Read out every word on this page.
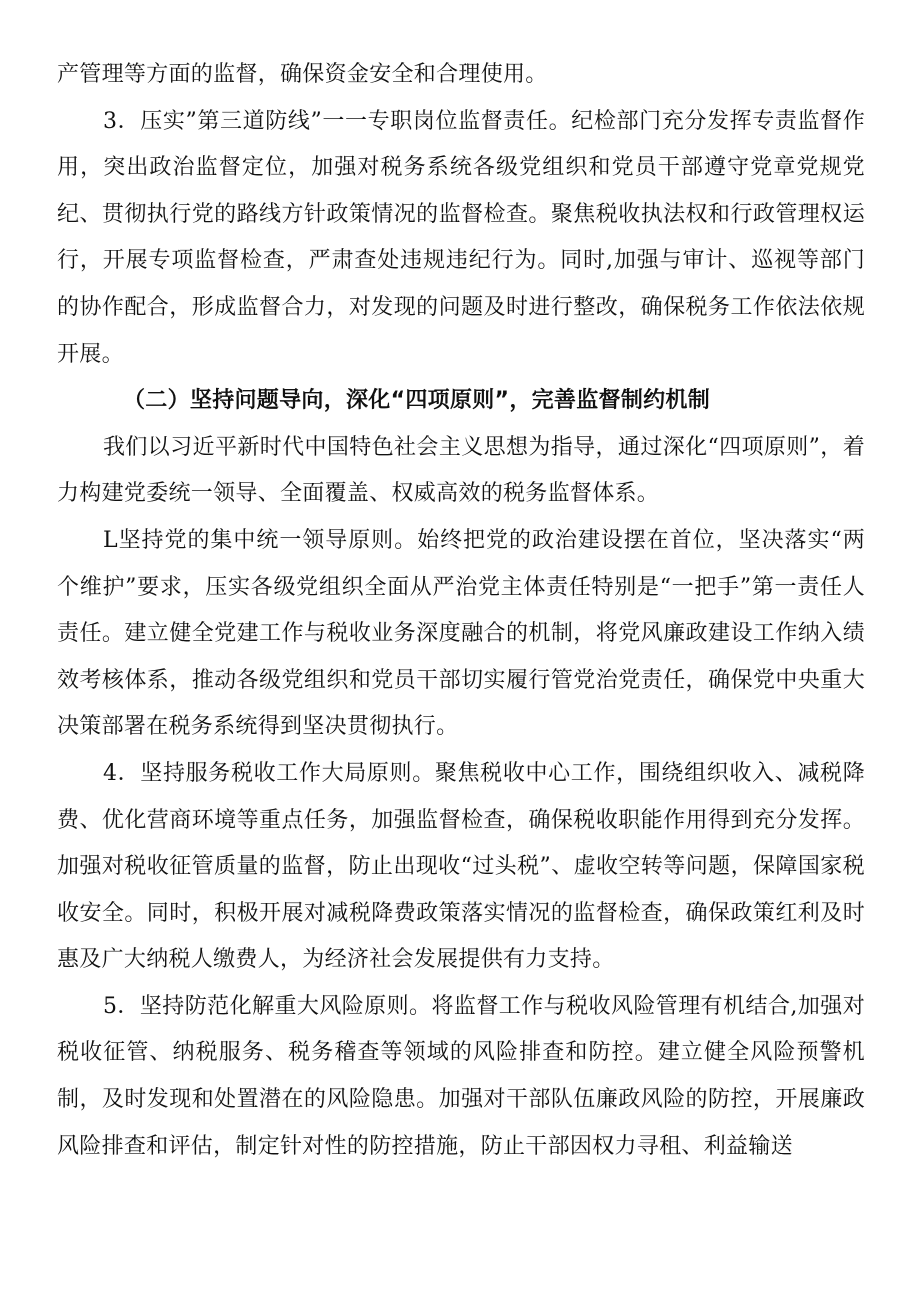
产管理等方面的监督，确保资金安全和合理使用。

3．压实”第三道防线”一一专职岗位监督责任。纪检部门充分发挥专责监督作用，突出政治监督定位，加强对税务系统各级党组织和党员干部遵守党章党规党纪、贯彻执行党的路线方针政策情况的监督检查。聚焦税收执法权和行政管理权运行，开展专项监督检查，严肃查处违规违纪行为。同时,加强与审计、巡视等部门的协作配合，形成监督合力，对发现的问题及时进行整改，确保税务工作依法依规开展。

（二）坚持问题导向，深化“四项原则”，完善监督制约机制

我们以习近平新时代中国特色社会主义思想为指导，通过深化“四项原则”，着力构建党委统一领导、全面覆盖、权威高效的税务监督体系。

L坚持党的集中统一领导原则。始终把党的政治建设摆在首位，坚决落实“两个维护”要求，压实各级党组织全面从严治党主体责任特别是“一把手”第一责任人责任。建立健全党建工作与税收业务深度融合的机制，将党风廉政建设工作纳入绩效考核体系，推动各级党组织和党员干部切实履行管党治党责任，确保党中央重大决策部署在税务系统得到坚决贯彻执行。

4．坚持服务税收工作大局原则。聚焦税收中心工作，围绕组织收入、减税降费、优化营商环境等重点任务，加强监督检查，确保税收职能作用得到充分发挥。加强对税收征管质量的监督，防止出现收“过头税”、虚收空转等问题，保障国家税收安全。同时，积极开展对减税降费政策落实情况的监督检查，确保政策红利及时惠及广大纳税人缴费人，为经济社会发展提供有力支持。

5．坚持防范化解重大风险原则。将监督工作与税收风险管理有机结合,加强对税收征管、纳税服务、税务稽查等领域的风险排查和防控。建立健全风险预警机制，及时发现和处置潜在的风险隐患。加强对干部队伍廉政风险的防控，开展廉政风险排查和评估，制定针对性的防控措施，防止干部因权力寻租、利益输送
